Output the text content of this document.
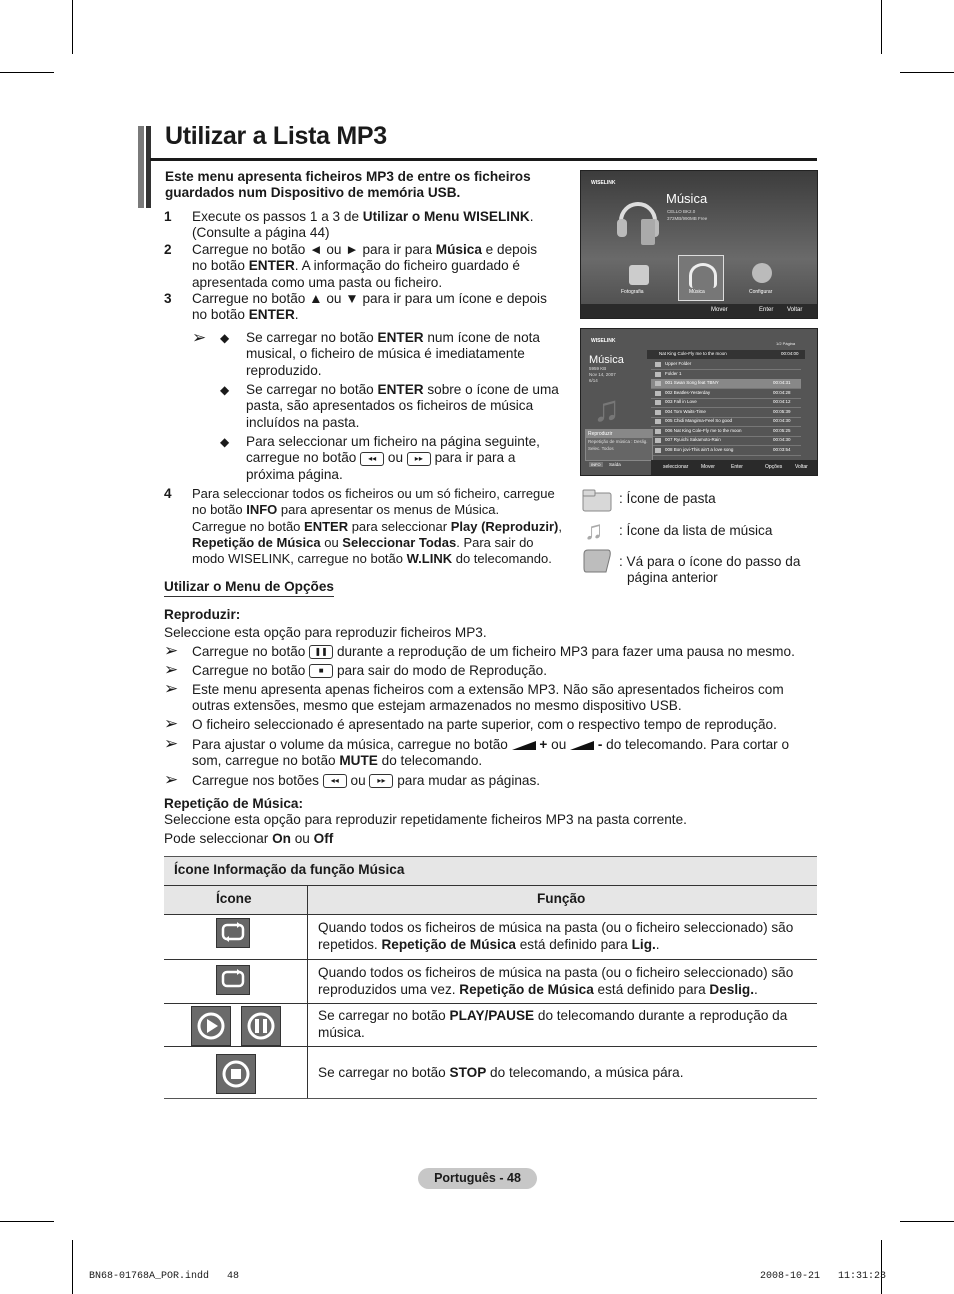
Utilizar a Lista MP3
Este menu apresenta ficheiros MP3 de entre os ficheiros guardados num Dispositivo de memória USB.
1 Execute os passos 1 a 3 de Utilizar o Menu WISELINK. (Consulte a página 44)
2 Carregue no botão ◄ ou ► para ir para Música e depois
no botão ENTER. A informação do ficheiro guardado é
apresentada como uma pasta ou ficheiro.
3 Carregue no botão ▲ ou ▼ para ir para um ícone e depois
no botão ENTER.
➢ ◆ Se carregar no botão ENTER num ícone de nota
musical, o ficheiro de música é imediatamente
reproduzido.
◆ Se carregar no botão ENTER sobre o ícone de uma
pasta, são apresentados os ficheiros de música
incluídos na pasta.
◆ Para seleccionar um ficheiro na página seguinte,
carregue no botão ◂◂ ou ▸▸ para ir para a
próxima página.
4 Para seleccionar todos os ficheiros ou um só ficheiro, carregue
no botão INFO para apresentar os menus de Música.
Carregue no botão ENTER para seleccionar Play (Reproduzir),
Repetição de Música ou Seleccionar Todas. Para sair do
modo WISELINK, carregue no botão W.LINK do telecomando.
WISELINK
Música
CELLO BK2.0
372MB/990MB Free
Fotografia	Música	Configurar
Mover	Enter Voltar
WISELINK
Música
5959 KB
Nov 14, 2007
6/14
♫
1/2 Página
Nat King Cole-Fly me to the moon	00:04:00
Upper Folder
Folder 1
001 Swan Song feat TBNY	00:04:31
002 Beatles-Yesterday	00:04:28
003 Fall in Love	00:04:12
004 Tom Waits-Time	00:05:39
005 Chidi Mangima-Feel So good	00:04:30
006 Nat King Cole-Fly me to the moon	00:05:25
007 Ryuichi Sakamoto-Rain	00:04:30
008 Bon jovi-This ain't a love song	00:03:54
Reproduzir
Repetição de música : Deslig.
Selec. Todos
INFO	Saída	seleccionar	Mover	Enter	Opções	Voltar
: Ícone de pasta
♫	: Ícone da lista de música
: Vá para o ícone do passo da
página anterior
Utilizar o Menu de Opções
Reproduzir:
Seleccione esta opção para reproduzir ficheiros MP3.
➢ Carregue no botão ❚❚ durante a reprodução de um ficheiro MP3 para fazer uma pausa no mesmo.
➢ Carregue no botão ■ para sair do modo de Reprodução.
➢ Este menu apresenta apenas ficheiros com a extensão MP3. Não são apresentados ficheiros com
outras extensões, mesmo que estejam armazenados no mesmo dispositivo USB.
➢ O ficheiro seleccionado é apresentado na parte superior, com o respectivo tempo de reprodução.
➢ Para ajustar o volume da música, carregue no botão + ou - do telecomando. Para cortar o
som, carregue no botão MUTE do telecomando.
➢ Carregue nos botões ◂◂ ou ▸▸ para mudar as páginas.
Repetição de Música:
Seleccione esta opção para reproduzir repetidamente ficheiros MP3 na pasta corrente.
Pode seleccionar On ou Off
Ícone Informação da função Música
Ícone	Função
Quando todos os ficheiros de música na pasta (ou o ficheiro seleccionado) são
repetidos. Repetição de Música está definido para Lig..
Quando todos os ficheiros de música na pasta (ou o ficheiro seleccionado) são
reproduzidos uma vez. Repetição de Música está definido para Deslig..
Se carregar no botão PLAY/PAUSE do telecomando durante a reprodução da
música.
Se carregar no botão STOP do telecomando, a música pára.
Português - 48
BN68-01768A_POR.indd   48	2008-10-21   11:31:23
